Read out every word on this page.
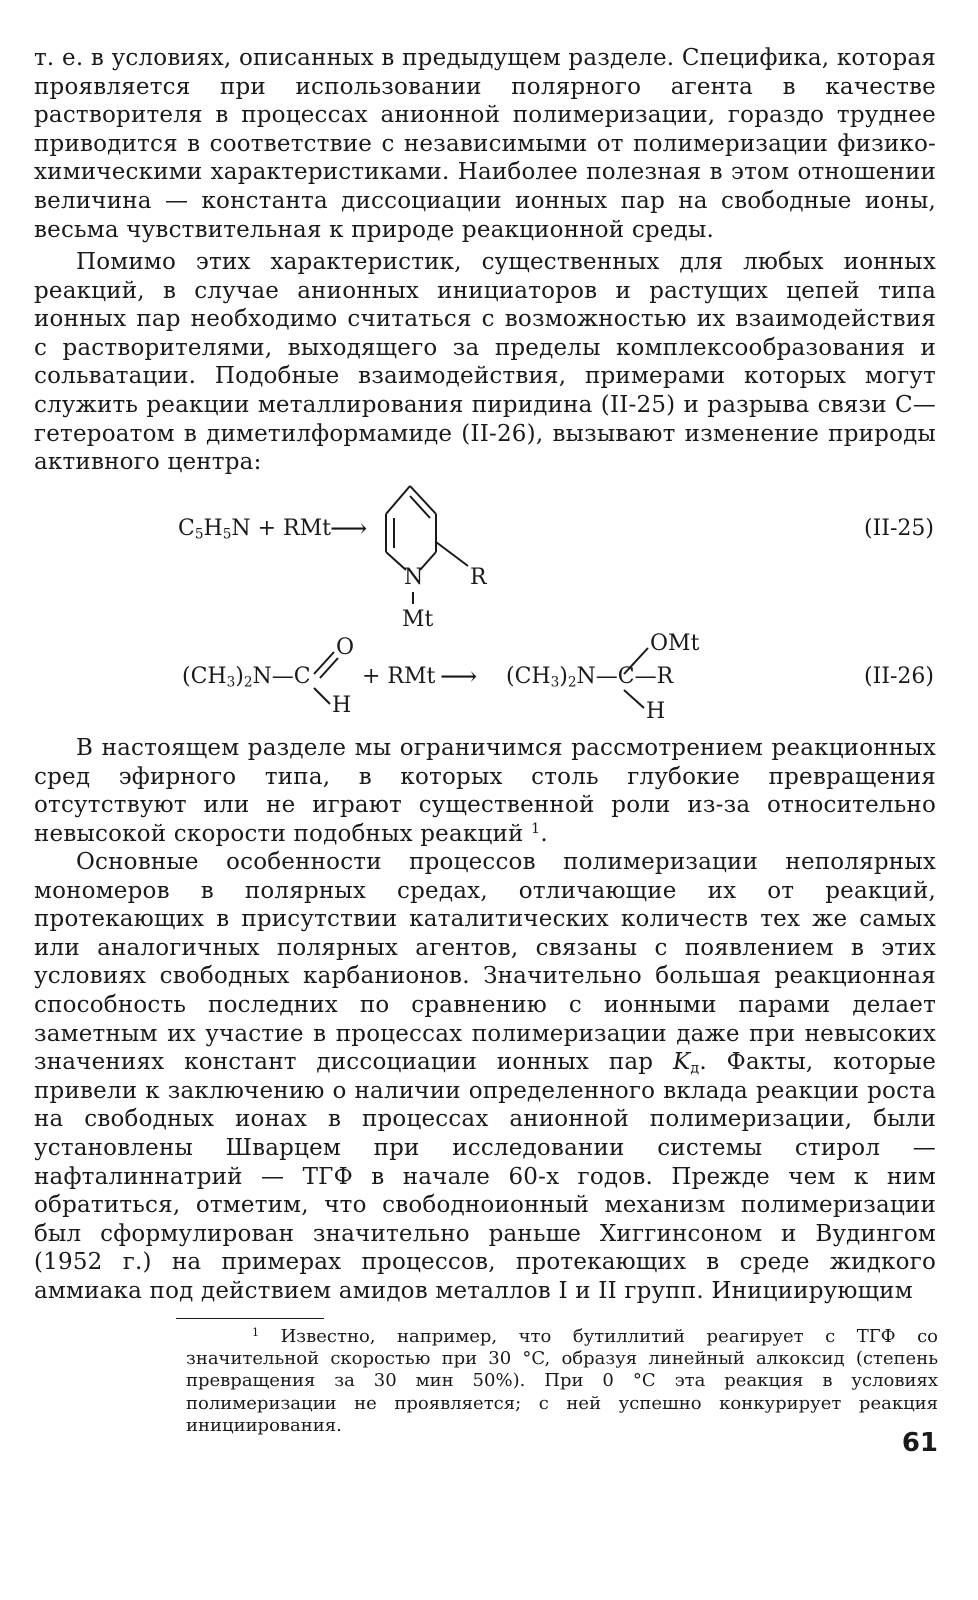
т. е. в условиях, описанных в предыдущем разделе. Специфика, которая проявляется при использовании полярного агента в качестве растворителя в процессах анионной полимеризации, гораздо труднее приводится в соответствие с независимыми от полимеризации физико-химическими характеристиками. Наиболее полезная в этом отношении величина — константа диссоциации ионных пар на свободные ионы, весьма чувствительная к природе реакционной среды.

Помимо этих характеристик, существенных для любых ионных реакций, в случае анионных инициаторов и растущих цепей типа ионных пар необходимо считаться с возможностью их взаимодействия с растворителями, выходящего за пределы комплексообразования и сольватации. Подобные взаимодействия, примерами которых могут служить реакции металлирования пиридина (II-25) и разрыва связи C—гетероатом в диметилформамиде (II-26), вызывают изменение природы активного центра:

$C_5H_5N$ + RMt ⟶
N R
Mt
(II-25)
$(CH_3)_2N—C$
O
H
+ RMt ⟶ $(CH_3)_2N—C—R$
OMt
H
(II-26)

В настоящем разделе мы ограничимся рассмотрением реакционных сред эфирного типа, в которых столь глубокие превращения отсутствуют или не играют существенной роли из-за относительно невысокой скорости подобных реакций $^1$.

Основные особенности процессов полимеризации неполярных мономеров в полярных средах, отличающие их от реакций, протекающих в присутствии каталитических количеств тех же самых или аналогичных полярных агентов, связаны с появлением в этих условиях свободных карбанионов. Значительно большая реакционная способность последних по сравнению с ионными парами делает заметным их участие в процессах полимеризации даже при невысоких значениях констант диссоциации ионных пар $K_д$. Факты, которые привели к заключению о наличии определенного вклада реакции роста на свободных ионах в процессах анионной полимеризации, были установлены Шварцем при исследовании системы стирол — нафталиннатрий — ТГФ в начале 60-х годов. Прежде чем к ним обратиться, отметим, что свободноионный механизм полимеризации был сформулирован значительно раньше Хиггинсоном и Вудингом (1952 г.) на примерах процессов, протекающих в среде жидкого аммиака под действием амидов металлов I и II групп. Инициирующим

$^1$ Известно, например, что бутиллитий реагирует с ТГФ со значительной скоростью при 30 °C, образуя линейный алкоксид (степень превращения за 30 мин 50%). При 0 °C эта реакция в условиях полимеризации не проявляется; с ней успешно конкурирует реакция инициирования.

61
